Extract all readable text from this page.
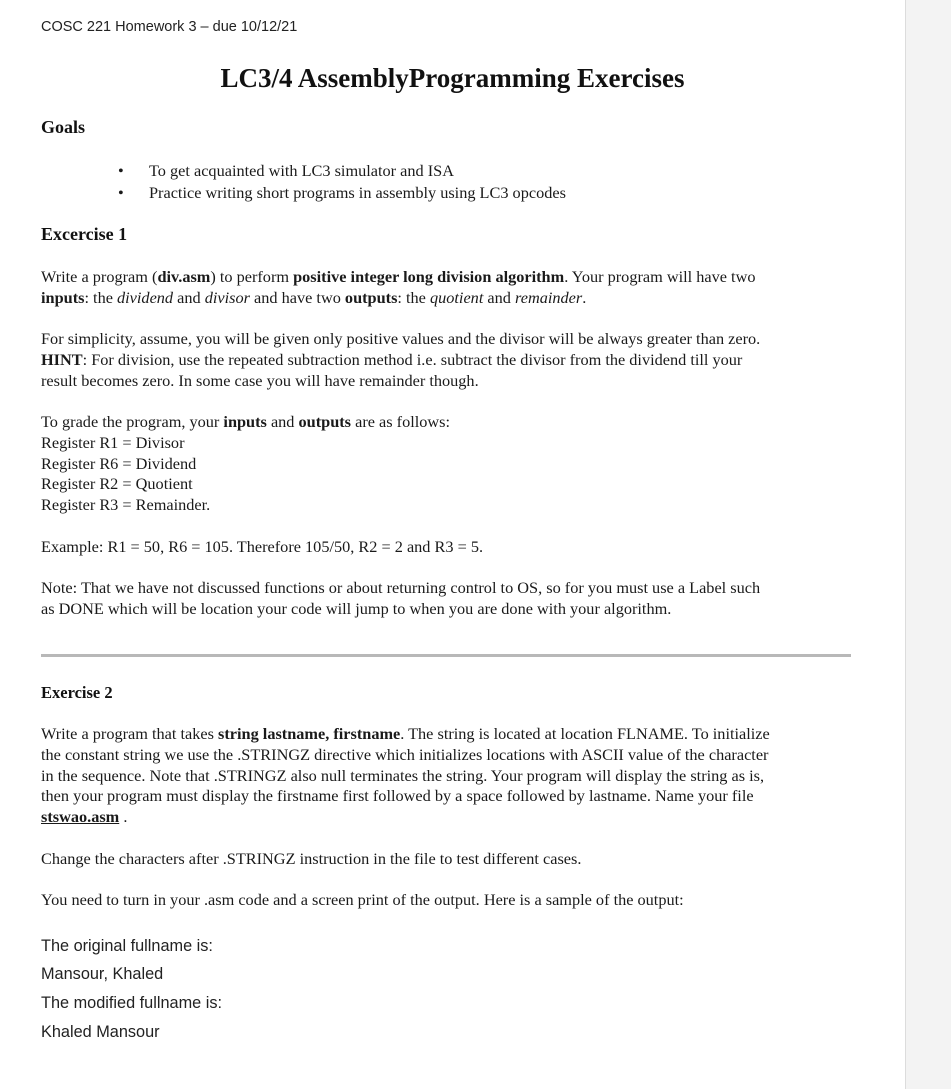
COSC 221 Homework 3 – due 10/12/21

LC3/4 AssemblyProgramming Exercises
Goals
• To get acquainted with LC3 simulator and ISA
• Practice writing short programs in assembly using LC3 opcodes
Excercise 1

Write a program (div.asm) to perform positive integer long division algorithm. Your program will have two
inputs: the dividend and divisor and have two outputs: the quotient and remainder.

For simplicity, assume, you will be given only positive values and the divisor will be always greater than zero.
HINT: For division, use the repeated subtraction method i.e. subtract the divisor from the dividend till your
result becomes zero. In some case you will have remainder though.

To grade the program, your inputs and outputs are as follows:
Register R1 = Divisor
Register R6 = Dividend
Register R2 = Quotient
Register R3 = Remainder.

Example: R1 = 50, R6 = 105. Therefore 105/50, R2 = 2 and R3 = 5.

Note: That we have not discussed functions or about returning control to OS, so for you must use a Label such
as DONE which will be location your code will jump to when you are done with your algorithm.

Exercise 2

Write a program that takes string lastname, firstname. The string is located at location FLNAME. To initialize
the constant string we use the .STRINGZ directive which initializes locations with ASCII value of the character
in the sequence. Note that .STRINGZ also null terminates the string. Your program will display the string as is,
then your program must display the firstname first followed by a space followed by lastname. Name your file
stswao.asm .

Change the characters after .STRINGZ instruction in the file to test different cases.

You need to turn in your .asm code and a screen print of the output. Here is a sample of the output:

The original fullname is:

Mansour, Khaled

The modified fullname is:

Khaled Mansour
